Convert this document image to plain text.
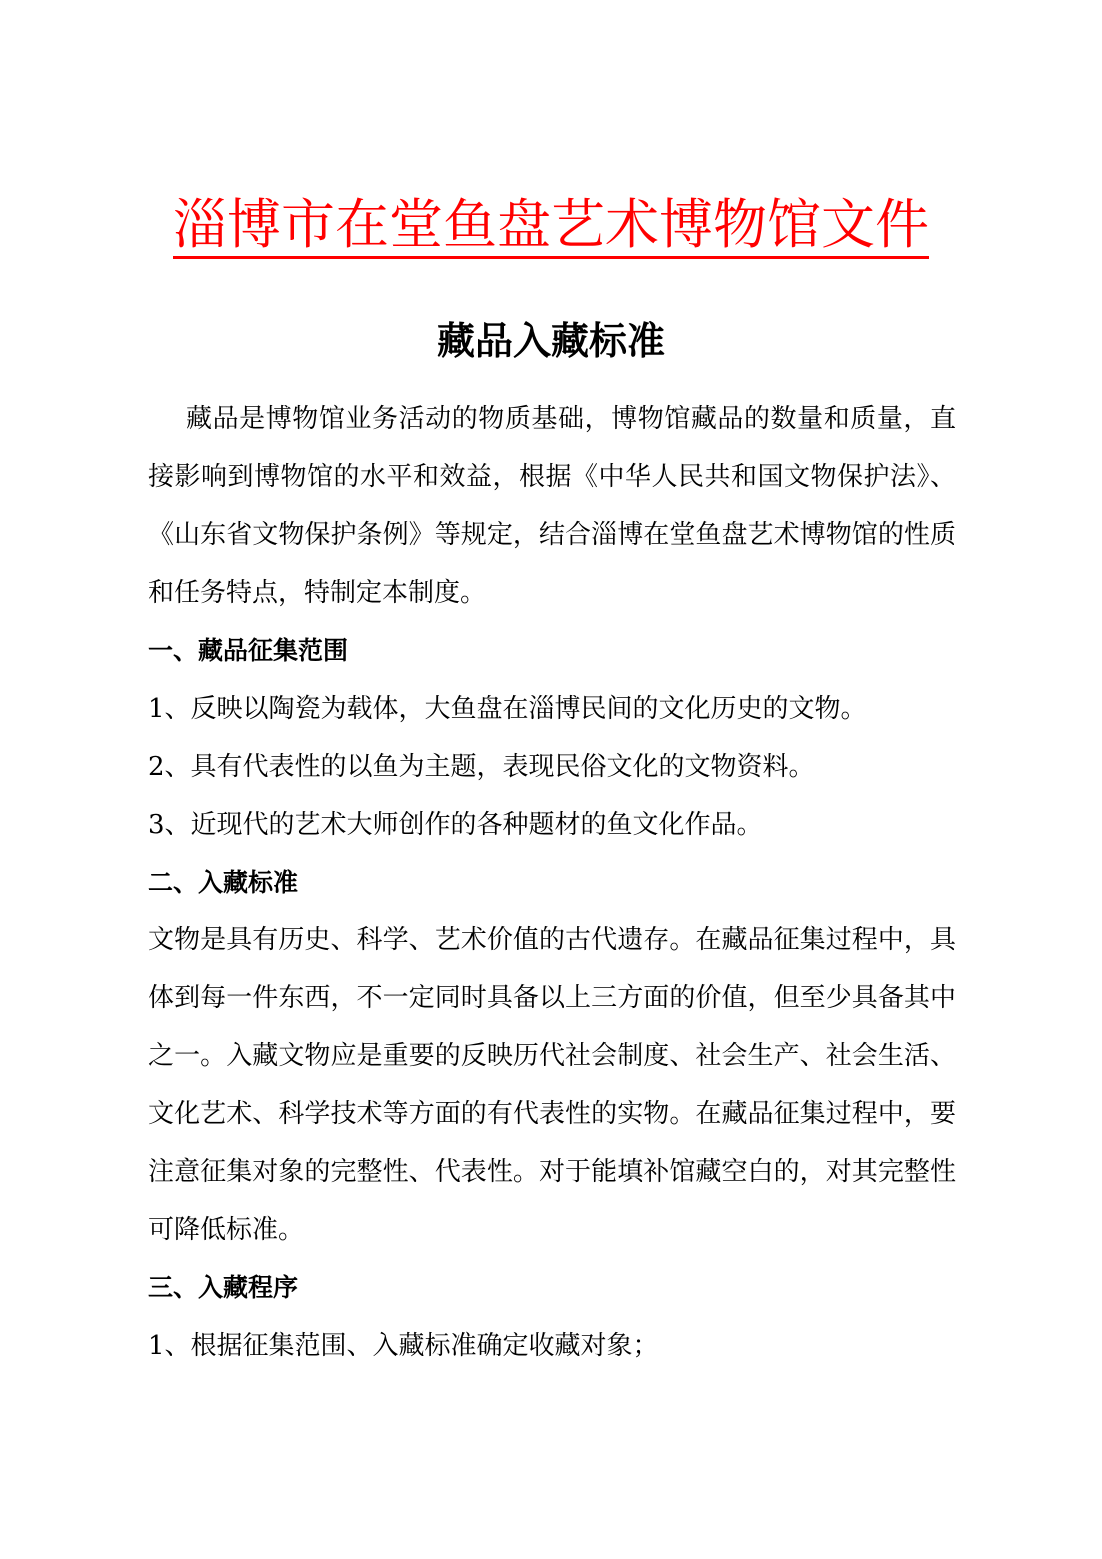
淄博市在堂鱼盘艺术博物馆文件
藏品入藏标准
藏品是博物馆业务活动的物质基础，博物馆藏品的数量和质量，直接影响到博物馆的水平和效益，根据《中华人民共和国文物保护法》、《山东省文物保护条例》等规定，结合淄博在堂鱼盘艺术博物馆的性质和任务特点，特制定本制度。
一、藏品征集范围
1、反映以陶瓷为载体，大鱼盘在淄博民间的文化历史的文物。
2、具有代表性的以鱼为主题，表现民俗文化的文物资料。
3、近现代的艺术大师创作的各种题材的鱼文化作品。
二、入藏标准
文物是具有历史、科学、艺术价值的古代遗存。在藏品征集过程中，具体到每一件东西，不一定同时具备以上三方面的价值，但至少具备其中之一。入藏文物应是重要的反映历代社会制度、社会生产、社会生活、文化艺术、科学技术等方面的有代表性的实物。在藏品征集过程中，要注意征集对象的完整性、代表性。对于能填补馆藏空白的，对其完整性可降低标准。
三、入藏程序
1、根据征集范围、入藏标准确定收藏对象；
